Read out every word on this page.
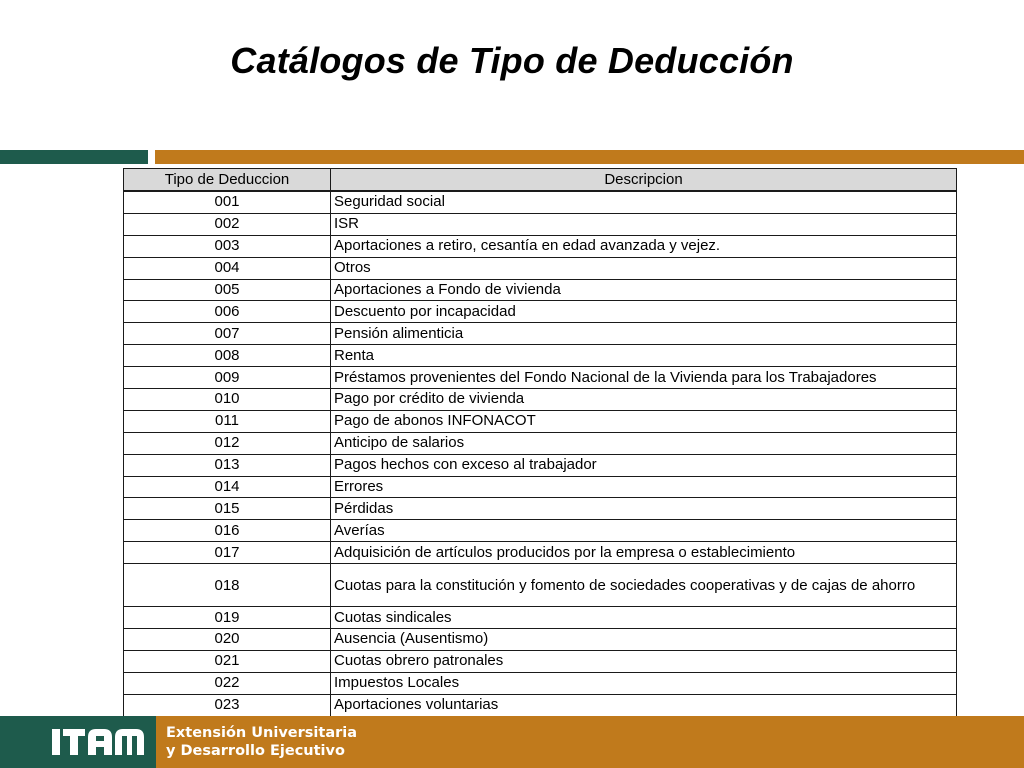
Catálogos de Tipo de Deducción
Tipo de Deduccion	Descripcion
001	Seguridad social
002	ISR
003	Aportaciones a retiro, cesantía en edad avanzada y vejez.
004	Otros
005	Aportaciones a Fondo de vivienda
006	Descuento por incapacidad
007	Pensión alimenticia
008	Renta
009	Préstamos provenientes del Fondo Nacional de la Vivienda para los Trabajadores
010	Pago por crédito de vivienda
011	Pago de abonos INFONACOT
012	Anticipo de salarios
013	Pagos hechos con exceso al trabajador
014	Errores
015	Pérdidas
016	Averías
017	Adquisición de artículos producidos por la empresa o establecimiento
018	Cuotas para la constitución y fomento de sociedades cooperativas y de cajas de ahorro
019	Cuotas sindicales
020	Ausencia (Ausentismo)
021	Cuotas obrero patronales
022	Impuestos Locales
023	Aportaciones voluntarias
Extensión Universitaria
y Desarrollo Ejecutivo
